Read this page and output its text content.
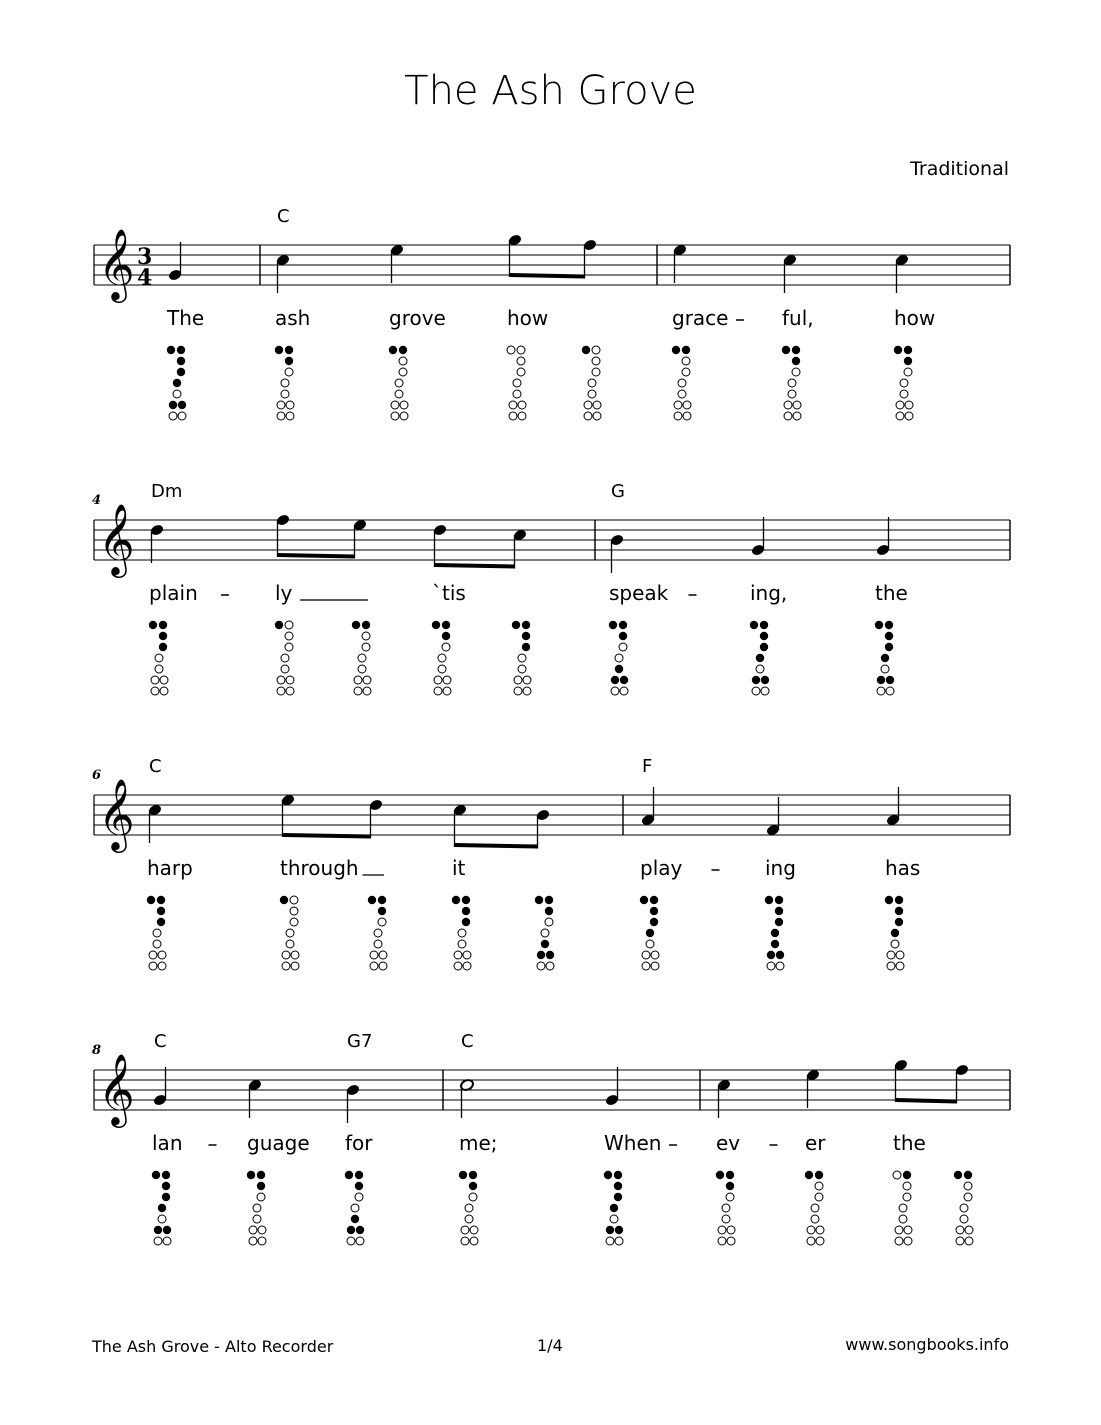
The Ash Grove
Traditional
𝄞 3
4
C
The	ash	grove	how	grace	ful,	how
𝄞
4	Dm	G
plain	ly	`tis	speak	ing,	the
𝄞
6	C	F
harp	through	it	play	ing	has
𝄞
8	C	G7	C
lan	guage for	me;	When	ev	er	the
The Ash Grove - Alto Recorder	1/4	www.songbooks.info
